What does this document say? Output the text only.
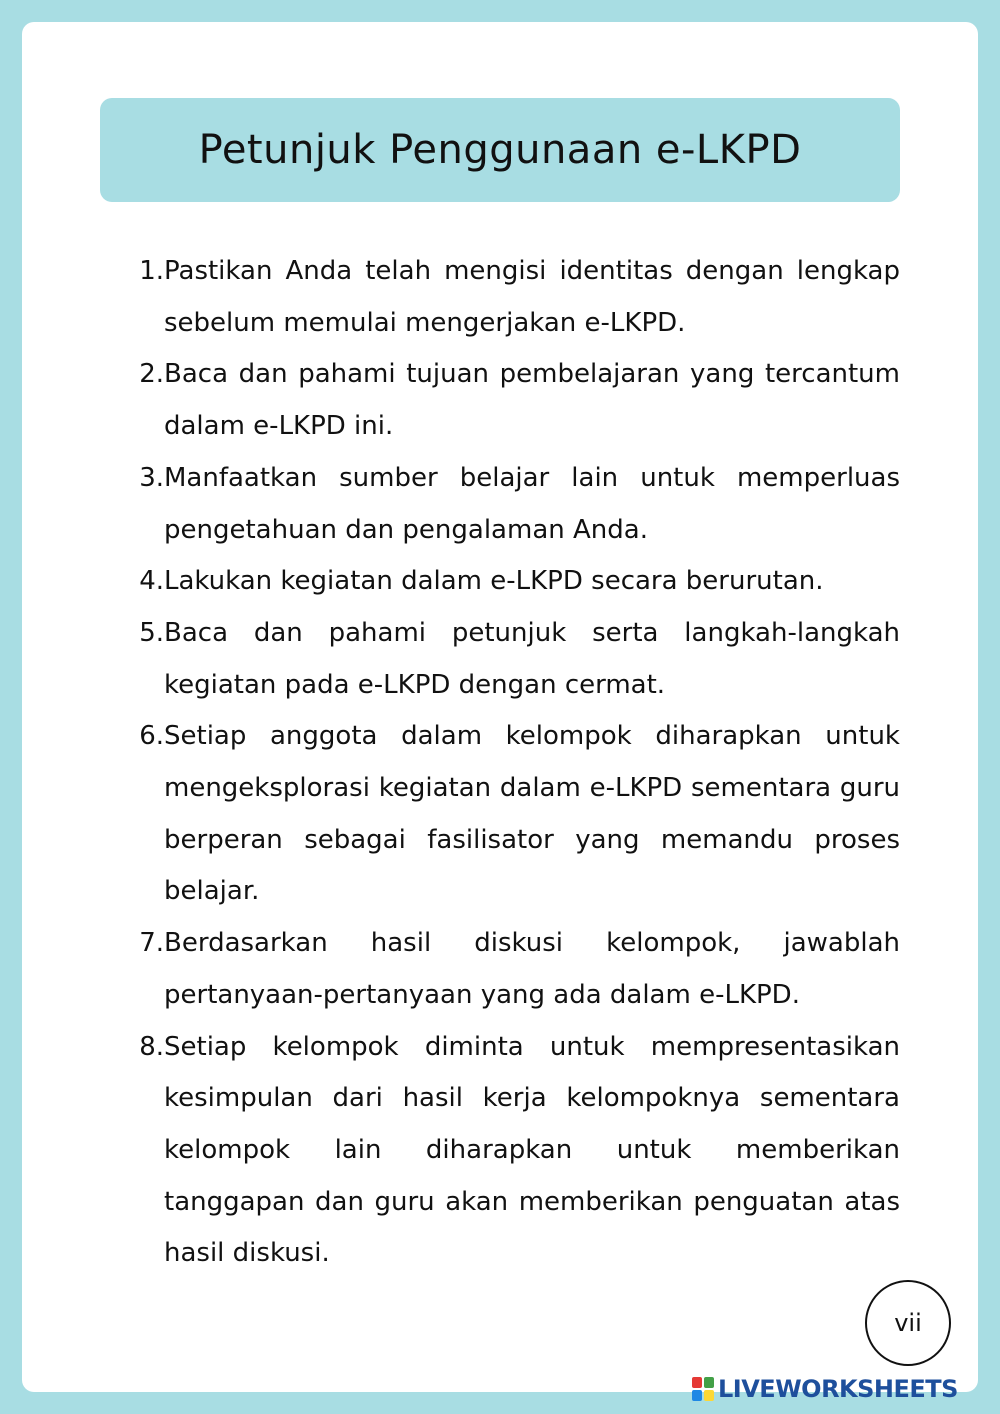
Petunjuk Penggunaan e-LKPD
1. Pastikan Anda telah mengisi identitas dengan lengkap sebelum memulai mengerjakan e-LKPD.
2. Baca dan pahami tujuan pembelajaran yang tercantum dalam e-LKPD ini.
3. Manfaatkan sumber belajar lain untuk memperluas pengetahuan dan pengalaman Anda.
4. Lakukan kegiatan dalam e-LKPD secara berurutan.
5. Baca dan pahami petunjuk serta langkah-langkah kegiatan pada e-LKPD dengan cermat.
6. Setiap anggota dalam kelompok diharapkan untuk mengeksplorasi kegiatan dalam e-LKPD sementara guru berperan sebagai fasilisator yang memandu proses belajar.
7. Berdasarkan hasil diskusi kelompok, jawablah pertanyaan-pertanyaan yang ada dalam e-LKPD.
8. Setiap kelompok diminta untuk mempresentasikan kesimpulan dari hasil kerja kelompoknya sementara kelompok lain diharapkan untuk memberikan tanggapan dan guru akan memberikan penguatan atas hasil diskusi.
vii
LIVEWORKSHEETS
